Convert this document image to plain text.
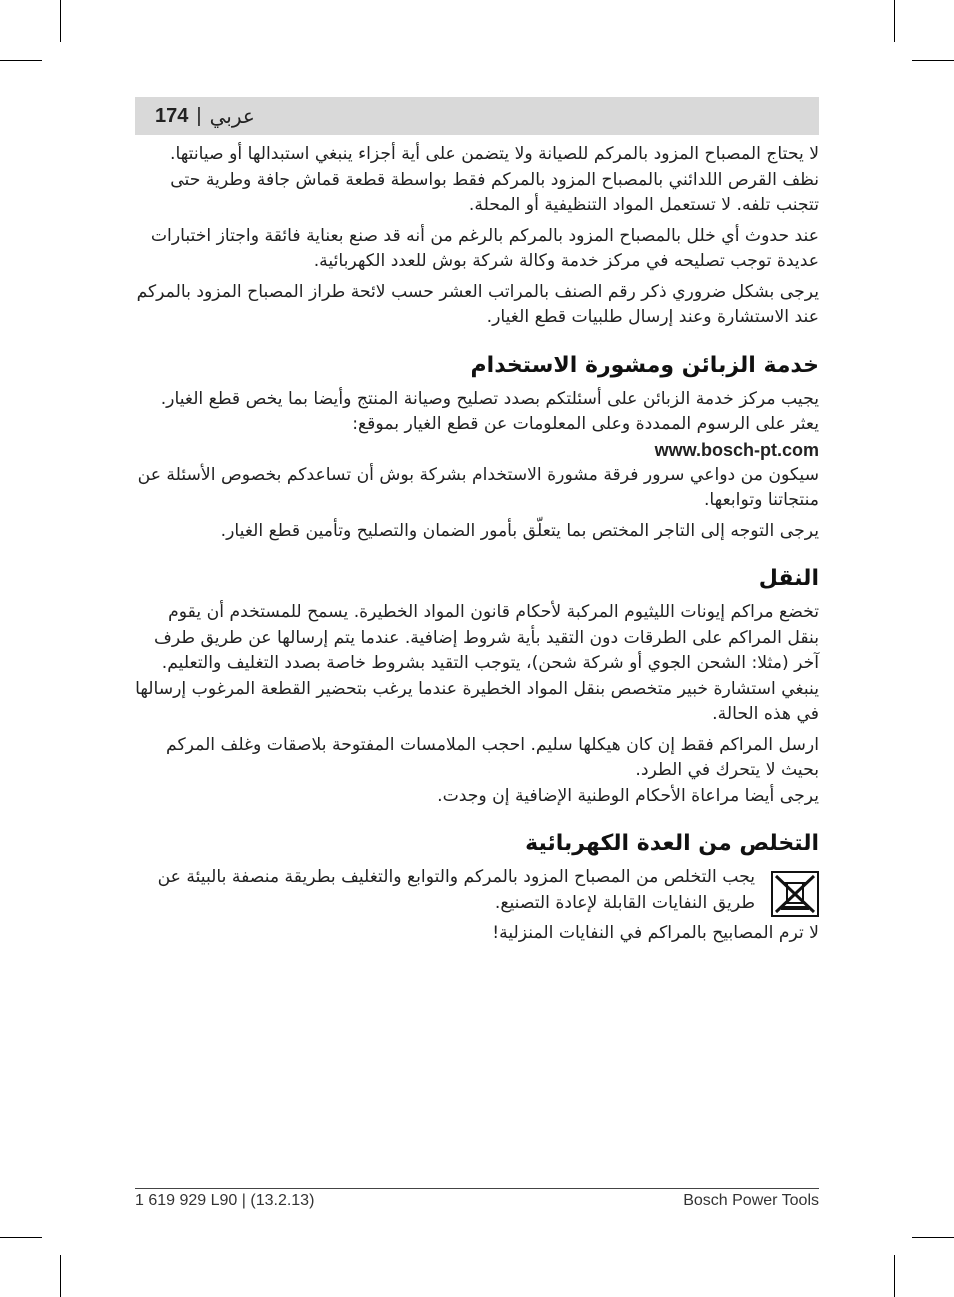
174 | عربي

لا يحتاج المصباح المزود بالمركم للصيانة ولا يتضمن على أية أجزاء ينبغي استبدالها أو صيانتها. نظف القرص اللدائني بالمصباح المزود بالمركم فقط بواسطة قطعة قماش جافة وطرية حتى تتجنب تلفه. لا تستعمل المواد التنظيفية أو المحلة.

عند حدوث أي خلل بالمصباح المزود بالمركم بالرغم من أنه قد صنع بعناية فائقة واجتاز اختبارات عديدة توجب تصليحه في مركز خدمة وكالة شركة بوش للعدد الكهربائية.

يرجى بشكل ضروري ذكر رقم الصنف بالمراتب العشر حسب لائحة طراز المصباح المزود بالمركم عند الاستشارة وعند إرسال طلبيات قطع الغيار.

خدمة الزبائن ومشورة الاستخدام

يجيب مركز خدمة الزبائن على أسئلتكم بصدد تصليح وصيانة المنتج وأيضا بما يخص قطع الغيار. يعثر على الرسوم الممددة وعلى المعلومات عن قطع الغيار بموقع:

www.bosch-pt.com

سيكون من دواعي سرور فرقة مشورة الاستخدام بشركة بوش أن تساعدكم بخصوص الأسئلة عن منتجاتنا وتوابعها.

يرجى التوجه إلى التاجر المختص بما يتعلّق بأمور الضمان والتصليح وتأمين قطع الغيار.

النقل

تخضع مراكم إيونات الليثيوم المركبة لأحكام قانون المواد الخطيرة. يسمح للمستخدم أن يقوم بنقل المراكم على الطرقات دون التقيد بأية شروط إضافية. عندما يتم إرسالها عن طريق طرف آخر (مثلا: الشحن الجوي أو شركة شحن)، يتوجب التقيد بشروط خاصة بصدد التغليف والتعليم. ينبغي استشارة خبير متخصص بنقل المواد الخطيرة عندما يرغب بتحضير القطعة المرغوب إرسالها في هذه الحالة.

ارسل المراكم فقط إن كان هيكلها سليم. احجب الملامسات المفتوحة بلاصقات وغلف المركم بحيث لا يتحرك في الطرد.

يرجى أيضا مراعاة الأحكام الوطنية الإضافية إن وجدت.

التخلص من العدة الكهربائية

يجب التخلص من المصباح المزود بالمركم والتوابع والتغليف بطريقة منصفة بالبيئة عن طريق النفايات القابلة لإعادة التصنيع.

لا ترم المصابيح بالمراكم في النفايات المنزلية!

1 619 929 L90 | (13.2.13)	Bosch Power Tools
